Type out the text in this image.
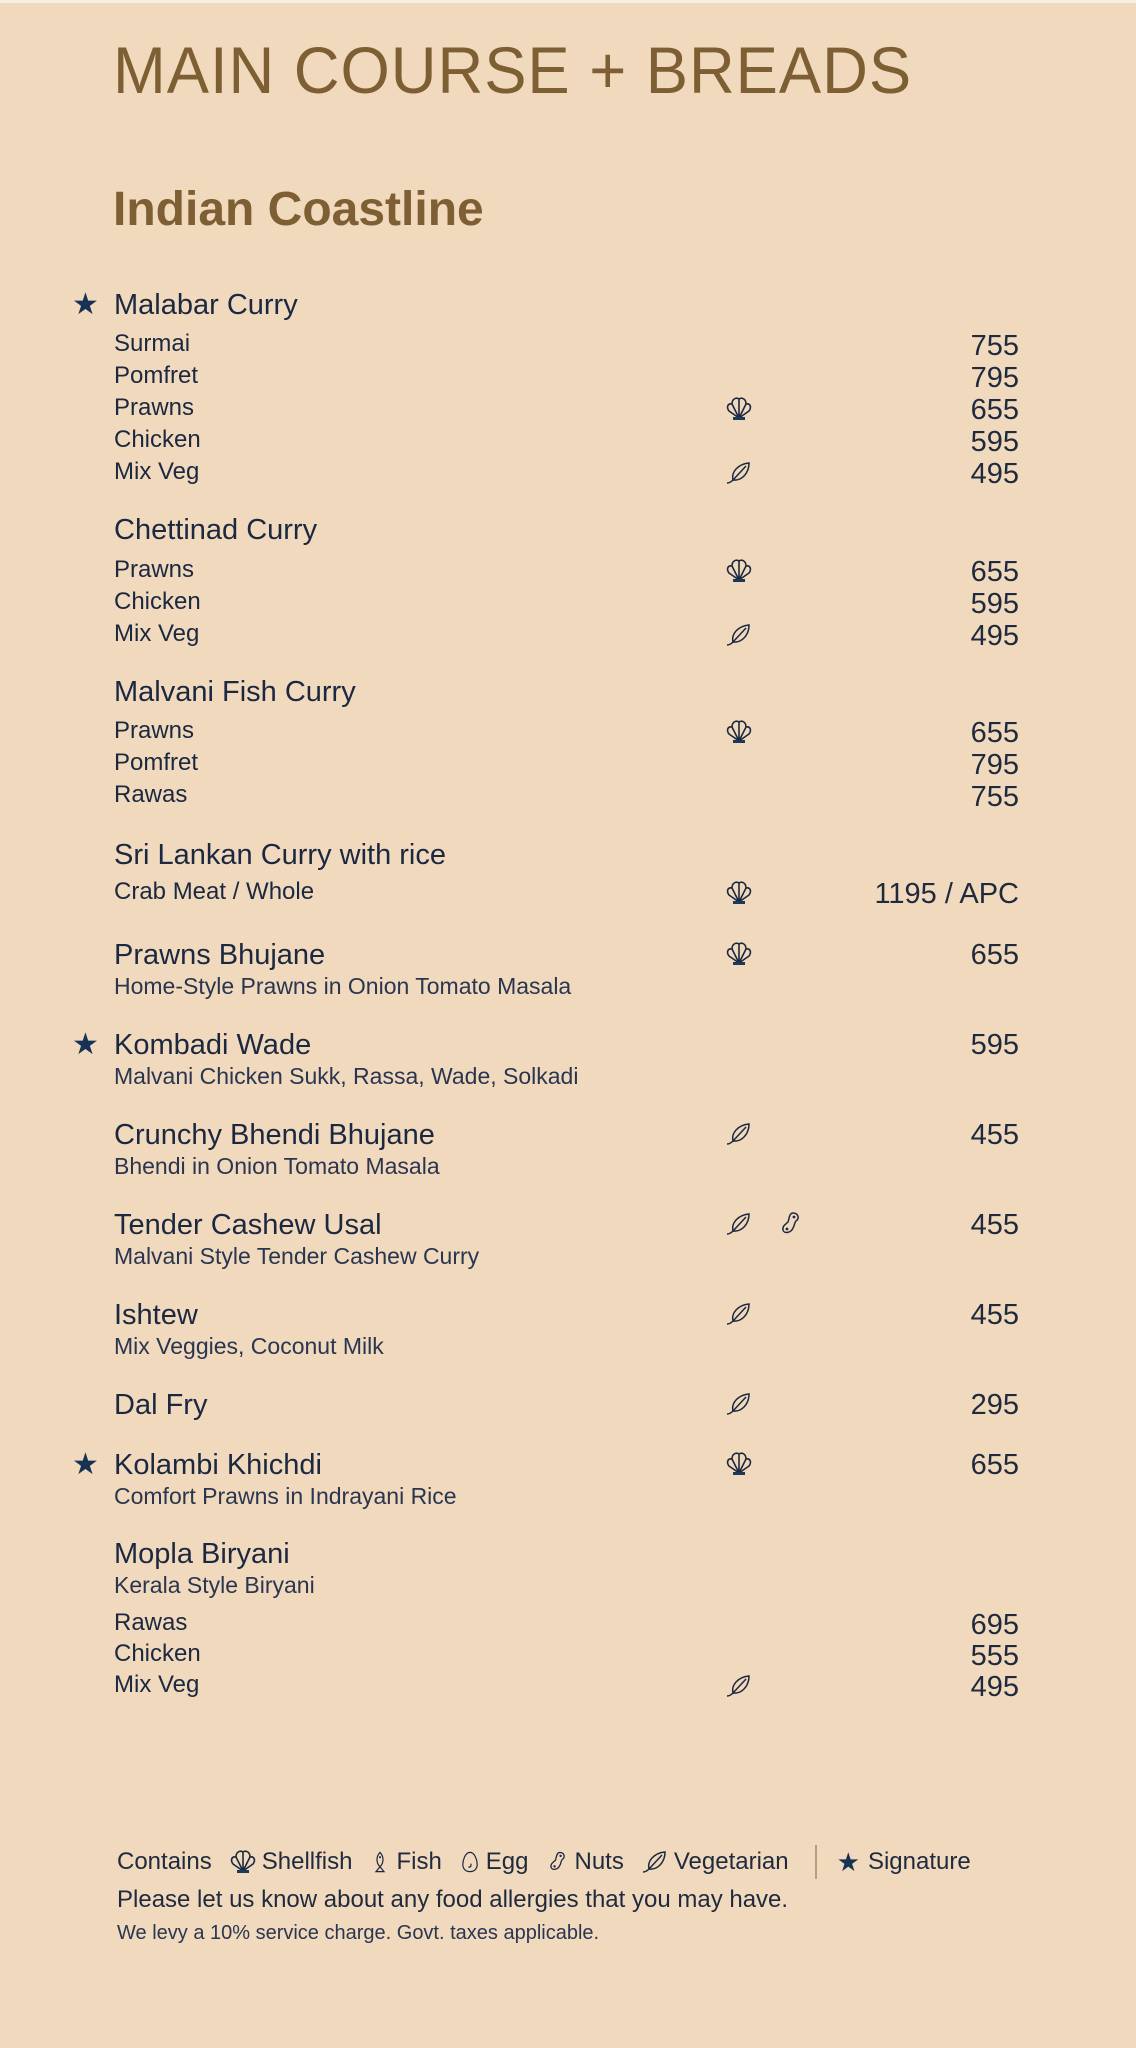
MAIN COURSE + BREADS
Indian Coastline
★ Malabar Curry
Surmai	755
Pomfret	795
Prawns	655
Chicken	595
Mix Veg	495
Chettinad Curry
Prawns	655
Chicken	595
Mix Veg	495
Malvani Fish Curry
Prawns	655
Pomfret	795
Rawas	755
Sri Lankan Curry with rice
Crab Meat / Whole	1195 / APC
Prawns Bhujane	655
Home-Style Prawns in Onion Tomato Masala
★ Kombadi Wade	595
Malvani Chicken Sukk, Rassa, Wade, Solkadi
Crunchy Bhendi Bhujane	455
Bhendi in Onion Tomato Masala
Tender Cashew Usal	455
Malvani Style Tender Cashew Curry
Ishtew	455
Mix Veggies, Coconut Milk
Dal Fry	295
★ Kolambi Khichdi	655
Comfort Prawns in Indrayani Rice
Mopla Biryani
Kerala Style Biryani
Rawas	695
Chicken	555
Mix Veg	495
Contains Shellfish Fish Egg Nuts Vegetarian ★ Signature
Please let us know about any food allergies that you may have.
We levy a 10% service charge. Govt. taxes applicable.
